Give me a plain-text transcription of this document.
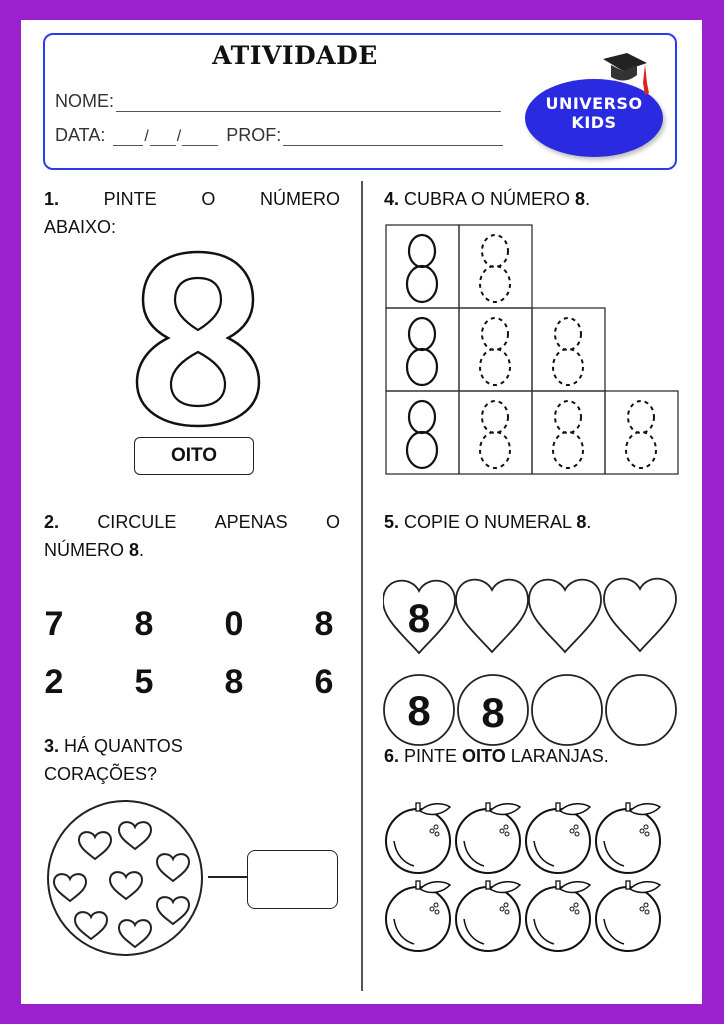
ATIVIDADE
NOME:
DATA: / /	PROF:
UNIVERSO
KIDS
1. PINTE O NÚMERO
ABAIXO:
OITO
2. CIRCULE APENAS O
NÚMERO 8.
7 8 0 8
2 5 8 6
3. HÁ QUANTOS
CORAÇÕES?
4. CUBRA O NÚMERO 8.
5. COPIE O NUMERAL 8.
8
8 8
6. PINTE OITO LARANJAS.
